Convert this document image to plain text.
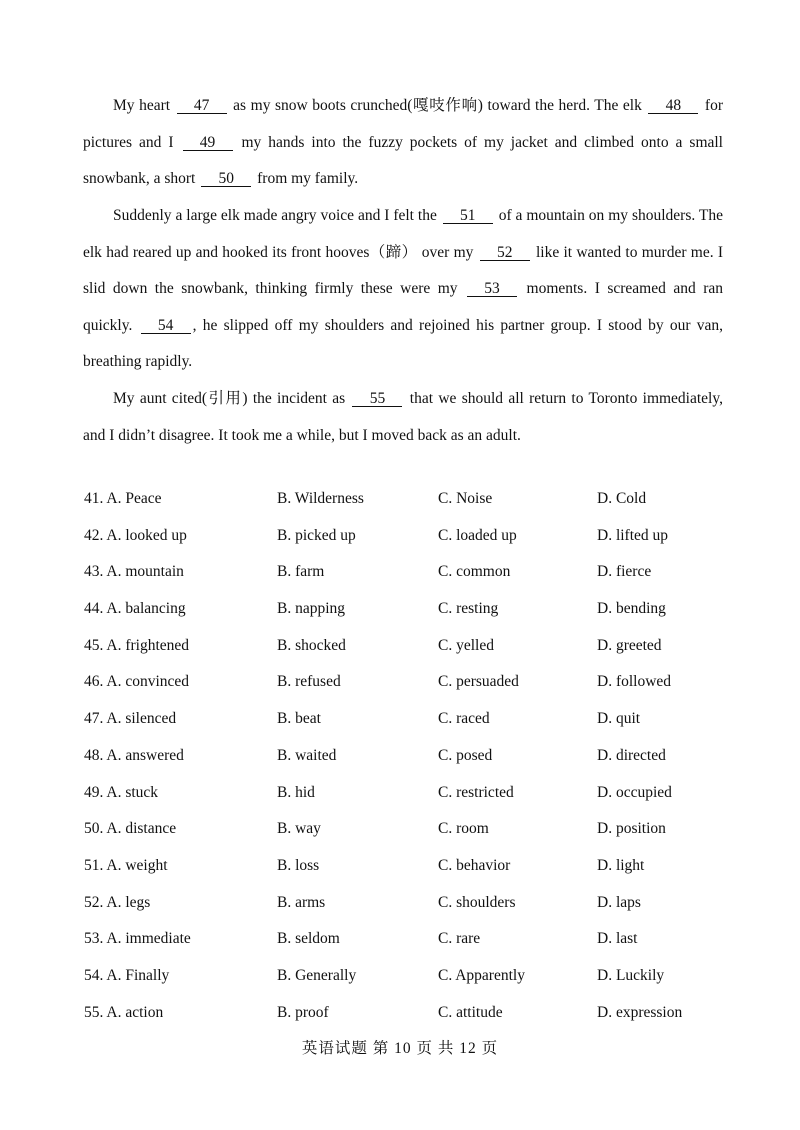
My heart 47 as my snow boots crunched(嘎吱作响) toward the herd. The elk 48 for pictures and I 49 my hands into the fuzzy pockets of my jacket and climbed onto a small snowbank, a short 50 from my family.

Suddenly a large elk made angry voice and I felt the 51 of a mountain on my shoulders. The elk had reared up and hooked its front hooves（蹄） over my 52 like it wanted to murder me. I slid down the snowbank, thinking firmly these were my 53 moments. I screamed and ran quickly. 54 , he slipped off my shoulders and rejoined his partner group. I stood by our van, breathing rapidly.

My aunt cited(引用) the incident as 55 that we should all return to Toronto immediately, and I didn’t disagree. It took me a while, but I moved back as an adult.

41. A. Peace	B. Wilderness	C. Noise	D. Cold
42. A. looked up	B. picked up	C. loaded up	D. lifted up
43. A. mountain	B. farm	C. common	D. fierce
44. A. balancing	B. napping	C. resting	D. bending
45. A. frightened	B. shocked	C. yelled	D. greeted
46. A. convinced	B. refused	C. persuaded	D. followed
47. A. silenced	B. beat	C. raced	D. quit
48. A. answered	B. waited	C. posed	D. directed
49. A. stuck	B. hid	C. restricted	D. occupied
50. A. distance	B. way	C. room	D. position
51. A. weight	B. loss	C. behavior	D. light
52. A. legs	B. arms	C. shoulders	D. laps
53. A. immediate	B. seldom	C. rare	D. last
54. A. Finally	B. Generally	C. Apparently	D. Luckily
55. A. action	B. proof	C. attitude	D. expression
英语试题 第 10 页 共 12 页
